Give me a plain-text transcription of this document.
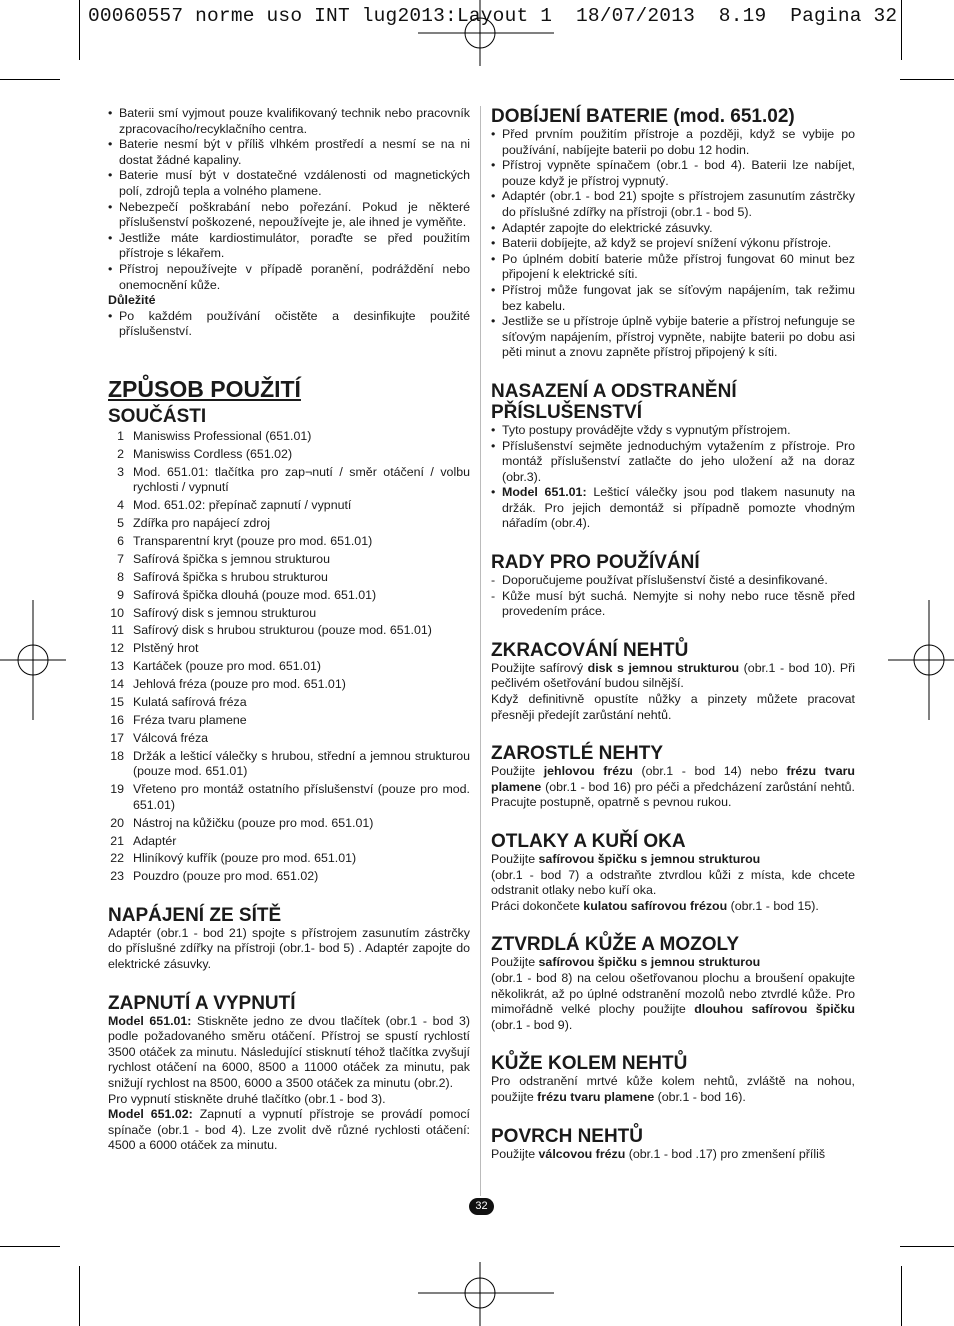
00060557 norme uso INT lug2013:Layout 1  18/07/2013  8.19  Pagina 32
• Baterii smí vyjmout pouze kvalifikovaný technik nebo pracovník zpracovacího/recyklačního centra.
• Baterie nesmí být v příliš vlhkém prostředí a nesmí se na ni dostat žádné kapaliny.
• Baterie musí být v dostatečné vzdálenosti od magnetických polí, zdrojů tepla a volného plamene.
• Nebezpečí poškrabání nebo pořezání. Pokud je některé příslušenství poškozené, nepoužívejte je, ale ihned je vyměňte.
• Jestliže máte kardiostimulátor, poraďte se před použitím přístroje s lékařem.
• Přístroj nepoužívejte v případě poranění, podráždění nebo onemocnění kůže.
Důležité
• Po každém používání očistěte a desinfikujte použité příslušenství.
ZPŮSOB POUŽITÍ
SOUČÁSTI
1 Maniswiss Professional (651.01)
2 Maniswiss Cordless (651.02)
3 Mod. 651.01: tlačítka pro zap¬nutí / směr otáčení / volbu rychlosti / vypnutí
4 Mod. 651.02: přepínač zapnutí / vypnutí
5 Zdířka pro napájecí zdroj
6 Transparentní kryt (pouze pro mod. 651.01)
7 Safírová špička s jemnou strukturou
8 Safírová špička s hrubou strukturou
9 Safírová špička dlouhá (pouze mod. 651.01)
10 Safírový disk s jemnou strukturou
11 Safírový disk s hrubou strukturou (pouze mod. 651.01)
12 Plstěný hrot
13 Kartáček (pouze pro mod. 651.01)
14 Jehlová fréza (pouze pro mod. 651.01)
15 Kulatá safírová fréza
16 Fréza tvaru plamene
17 Válcová fréza
18 Držák a lešticí válečky s hrubou, střední a jemnou strukturou (pouze mod. 651.01)
19 Vřeteno pro montáž ostatního příslušenství (pouze pro mod. 651.01)
20 Nástroj na kůžičku (pouze pro mod. 651.01)
21 Adaptér
22 Hliníkový kufřík (pouze pro mod. 651.01)
23 Pouzdro (pouze pro mod. 651.02)
NAPÁJENÍ ZE SÍTĚ

Adaptér (obr.1 - bod 21) spojte s přístrojem zasunutím zástrčky do příslušné zdířky na přístroji (obr.1- bod 5) . Adaptér zapojte do elektrické zásuvky.

ZAPNUTÍ A VYPNUTÍ

Model 651.01: Stiskněte jedno ze dvou tlačítek (obr.1 - bod 3) podle požadovaného směru otáčení. Přístroj se spustí rychlostí 3500 otáček za minutu. Následující stisknutí téhož tlačítka zvyšují rychlost otáčení na 6000, 8500 a 11000 otáček za minutu, pak snižují rychlost na 8500, 6000 a 3500 otáček za minutu (obr.2).

Pro vypnutí stiskněte druhé tlačítko (obr.1 - bod 3).

Model 651.02: Zapnutí a vypnutí přístroje se provádí pomocí spínače (obr.1 - bod 4). Lze zvolit dvě různé rychlosti otáčení: 4500 a 6000 otáček za minutu.

DOBÍJENÍ BATERIE (mod. 651.02)
• Před prvním použitím přístroje a později, když se vybije po používání, nabíjejte baterii po dobu 12 hodin.
• Přístroj vypněte spínačem (obr.1 - bod 4). Baterii lze nabíjet, pouze když je přístroj vypnutý.
• Adaptér (obr.1 - bod 21) spojte s přístrojem zasunutím zástrčky do příslušné zdířky na přístroji (obr.1 - bod 5).
• Adaptér zapojte do elektrické zásuvky.
• Baterii dobíjejte, až když se projeví snížení výkonu přístroje.
• Po úplném dobití baterie může přístroj fungovat 60 minut bez připojení k elektrické síti.
• Přístroj může fungovat jak se síťovým napájením, tak režimu bez kabelu.
• Jestliže se u přístroje úplně vybije baterie a přístroj nefunguje se síťovým napájením, přístroj vypněte, nabijte baterii po dobu asi pěti minut a znovu zapněte přístroj připojený k síti.
NASAZENÍ A ODSTRANĚNÍ PŘÍSLUŠENSTVÍ
• Tyto postupy provádějte vždy s vypnutým přístrojem.
• Příslušenství sejměte jednoduchým vytažením z přístroje. Pro montáž příslušenství zatlačte do jeho uložení až na doraz (obr.3).
• Model 651.01: Lešticí válečky jsou pod tlakem nasunuty na držák. Pro jejich demontáž si případně pomozte vhodným nářadím (obr.4).
RADY PRO POUŽÍVÁNÍ
- Doporučujeme používat příslušenství čisté a desinfikované.
- Kůže musí být suchá. Nemyjte si nohy nebo ruce těsně před provedením práce.
ZKRACOVÁNÍ NEHTŮ

Použijte safírový disk s jemnou strukturou (obr.1 - bod 10). Při pečlivém ošetřování budou silnější.

Když definitivně opustíte nůžky a pinzety můžete pracovat přesněji předejít zarůstání nehtů.

ZAROSTLÉ NEHTY

Použijte jehlovou frézu (obr.1 - bod 14) nebo frézu tvaru plamene (obr.1 - bod 16) pro péči a předcházení zarůstání nehtů. Pracujte postupně, opatrně s pevnou rukou.

OTLAKY A KUŘÍ OKA

Použijte safírovou špičku s jemnou strukturou

(obr.1 - bod 7) a odstraňte ztvrdlou kůži z místa, kde chcete odstranit otlaky nebo kuří oka.

Práci dokončete kulatou safírovou frézou (obr.1 - bod 15).

ZTVRDLÁ KŮŽE A MOZOLY

Použijte safírovou špičku s jemnou strukturou

(obr.1 - bod 8) na celou ošetřovanou plochu a broušení opakujte několikrát, až po úplné odstranění mozolů nebo ztvrdlé kůže. Pro mimořádně velké plochy použijte dlouhou safírovou špičku (obr.1 - bod 9).

KŮŽE KOLEM NEHTŮ

Pro odstranění mrtvé kůže kolem nehtů, zvláště na nohou, použijte frézu tvaru plamene (obr.1 - bod 16).

POVRCH NEHTŮ

Použijte válcovou frézu (obr.1 - bod .17) pro zmenšení příliš

32
